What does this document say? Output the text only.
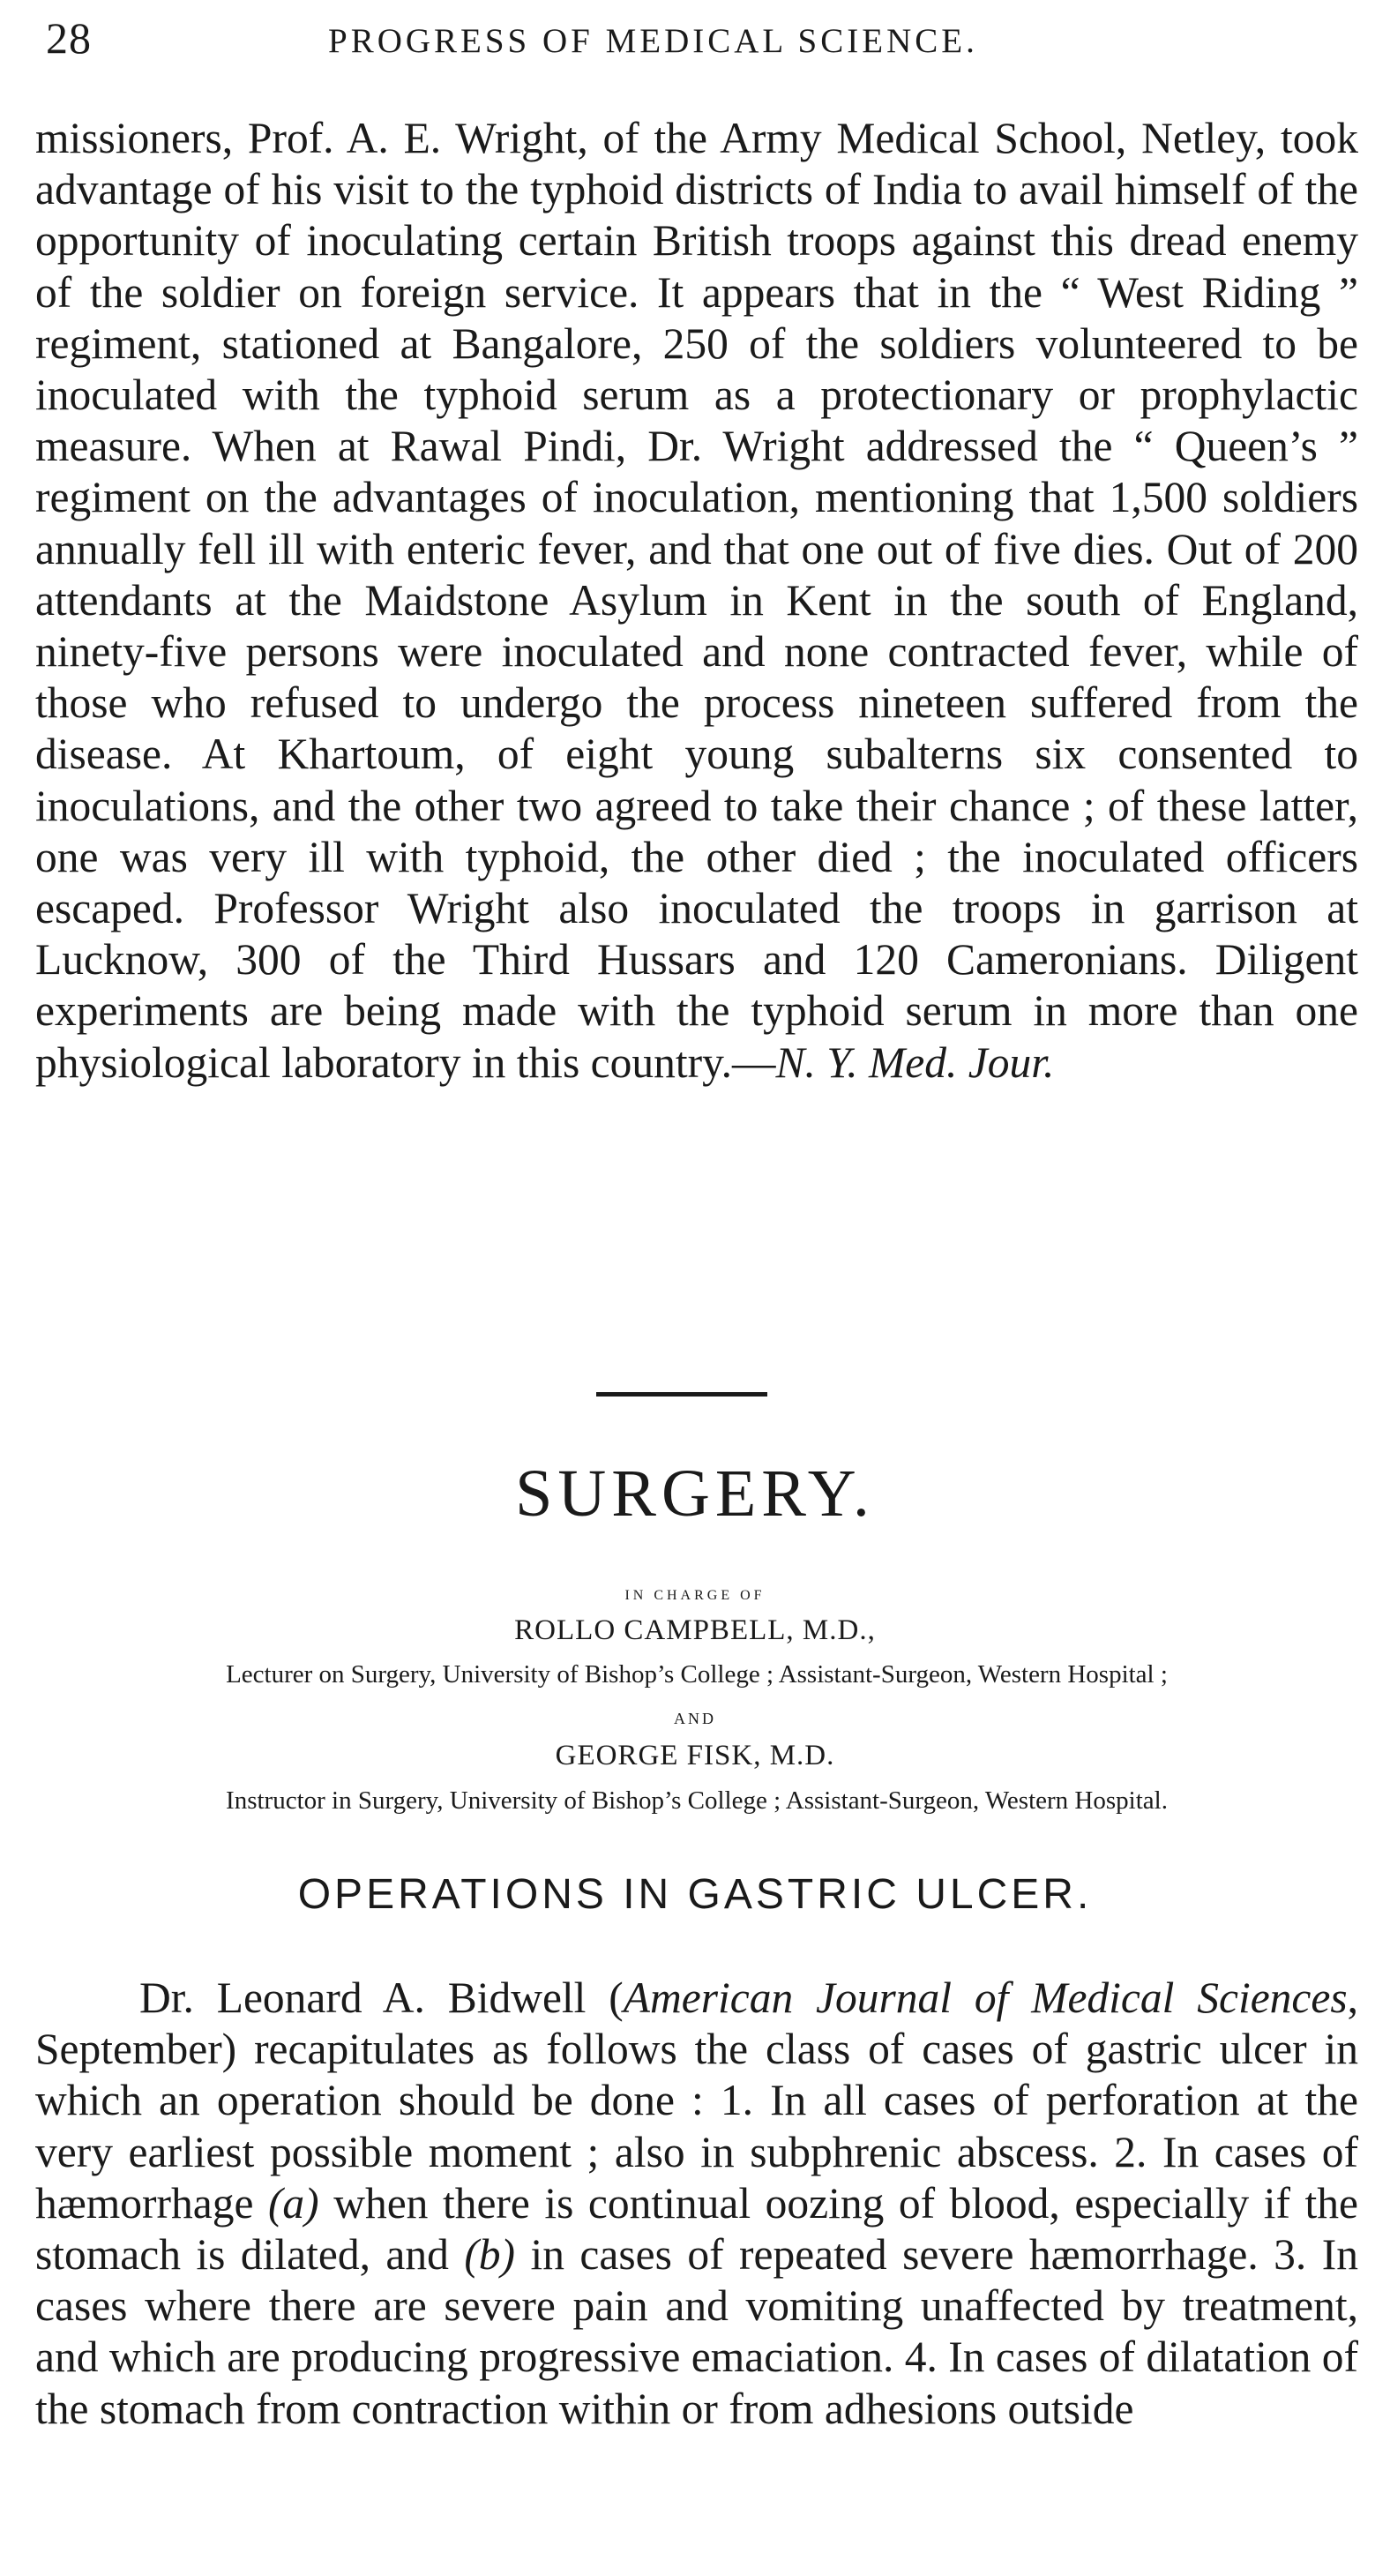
28	PROGRESS OF MEDICAL SCIENCE.

missioners, Prof. A. E. Wright, of the Army Medical School, Netley, took advantage of his visit to the typhoid districts of India to avail himself of the opportunity of inoculating certain British troops against this dread enemy of the soldier on foreign service. It appears that in the “ West Riding ” regiment, stationed at Bangalore, 250 of the soldiers volunteered to be inoculated with the typhoid serum as a protectionary or prophylactic measure. When at Rawal Pindi, Dr. Wright addressed the “ Queen’s ” regiment on the advantages of inoculation, mentioning that 1,500 soldiers annually fell ill with enteric fever, and that one out of five dies. Out of 200 attendants at the Maidstone Asylum in Kent in the south of England, ninety-five persons were inoculated and none contracted fever, while of those who refused to undergo the process nineteen suffered from the disease. At Khartoum, of eight young subalterns six consented to inoculations, and the other two agreed to take their chance ; of these latter, one was very ill with typhoid, the other died ; the inoculated officers escaped. Professor Wright also inoculated the troops in garrison at Lucknow, 300 of the Third Hussars and 120 Cameronians. Diligent experiments are being made with the typhoid serum in more than one physiological laboratory in this country.—N. Y. Med. Jour.

SURGERY.
IN CHARGE OF
ROLLO CAMPBELL, M.D.,
Lecturer on Surgery, University of Bishop’s College ; Assistant-Surgeon, Western Hospital ;
AND
GEORGE FISK, M.D.
Instructor in Surgery, University of Bishop’s College ; Assistant-Surgeon, Western Hospital.
OPERATIONS IN GASTRIC ULCER.

Dr. Leonard A. Bidwell (American Journal of Medical Sciences, September) recapitulates as follows the class of cases of gastric ulcer in which an operation should be done : 1. In all cases of perforation at the very earliest possible moment ; also in subphrenic abscess. 2. In cases of hæmorrhage (a) when there is continual oozing of blood, especially if the stomach is dilated, and (b) in cases of repeated severe hæmorrhage. 3. In cases where there are severe pain and vomiting unaffected by treatment, and which are producing progressive emaciation. 4. In cases of dilatation of the stomach from contraction within or from adhesions outside
